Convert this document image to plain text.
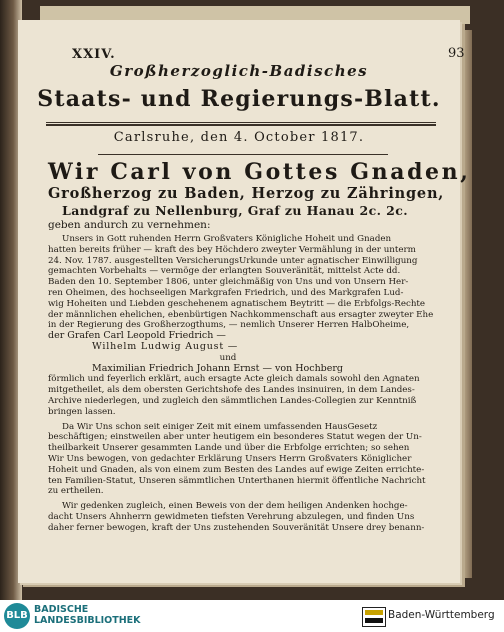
XXIV.	93
Großherzoglich-Badisches
Staats- und Regierungs-Blatt.
Carlsruhe, den 4. October 1817.
Wir Carl von Gottes Gnaden,
Großherzog zu Baden, Herzog zu Zähringen,
Landgraf zu Nellenburg, Graf zu Hanau 2c. 2c.
geben andurch zu vernehmen:
Unsers in Gott ruhenden Herrn Großvaters Königliche Hoheit und Gnaden
hatten bereits früher — kraft des bey Höchdero zweyter Vermählung in der unterm
24. Nov. 1787. ausgestellten VersicherungsUrkunde unter agnatischer Einwilligung
gemachten Vorbehalts — vermöge der erlangten Souveränität, mittelst Acte dd.
Baden den 10. September 1806, unter gleichmäßig von Uns und von Unsern Her-
ren Oheimen, des hochseeligen Markgrafen Friedrich, und des Markgrafen Lud-
wig Hoheiten und Liebden geschehenem agnatischem Beytritt — die Erbfolgs-Rechte
der männlichen ehelichen, ebenbürtigen Nachkommenschaft aus ersagter zweyter Ehe
in der Regierung des Großherzogthums, — nemlich Unserer Herren HalbOheime,
der Grafen Carl Leopold Friedrich —
Wilhelm Ludwig August —
und
Maximilian Friedrich Johann Ernst — von Hochberg
förmlich und feyerlich erklärt, auch ersagte Acte gleich damals sowohl den Agnaten
mitgetheilet, als dem obersten Gerichtshofe des Landes insinuiren, in dem Landes-
Archive niederlegen, und zugleich den sämmtlichen Landes-Collegien zur Kenntniß
bringen lassen.
Da Wir Uns schon seit einiger Zeit mit einem umfassenden HausGesetz
beschäftigen; einstweilen aber unter heutigem ein besonderes Statut wegen der Un-
theilbarkeit Unserer gesammten Lande und über die Erbfolge errichten; so sehen
Wir Uns bewogen, von gedachter Erklärung Unsers Herrn Großvaters Königlicher
Hoheit und Gnaden, als von einem zum Besten des Landes auf ewige Zeiten errichte-
ten Familien-Statut, Unseren sämmtlichen Unterthanen hiermit öffentliche Nachricht
zu ertheilen.
Wir gedenken zugleich, einen Beweis von der dem heiligen Andenken hochge-
dacht Unsers Ahnherrn gewidmeten tiefsten Verehrung abzulegen, und finden Uns
daher ferner bewogen, kraft der Uns zustehenden Souveränität Unsere drey benann-
BLB
BADISCHE
LANDESBIBLIOTHEK	Baden-Württemberg
